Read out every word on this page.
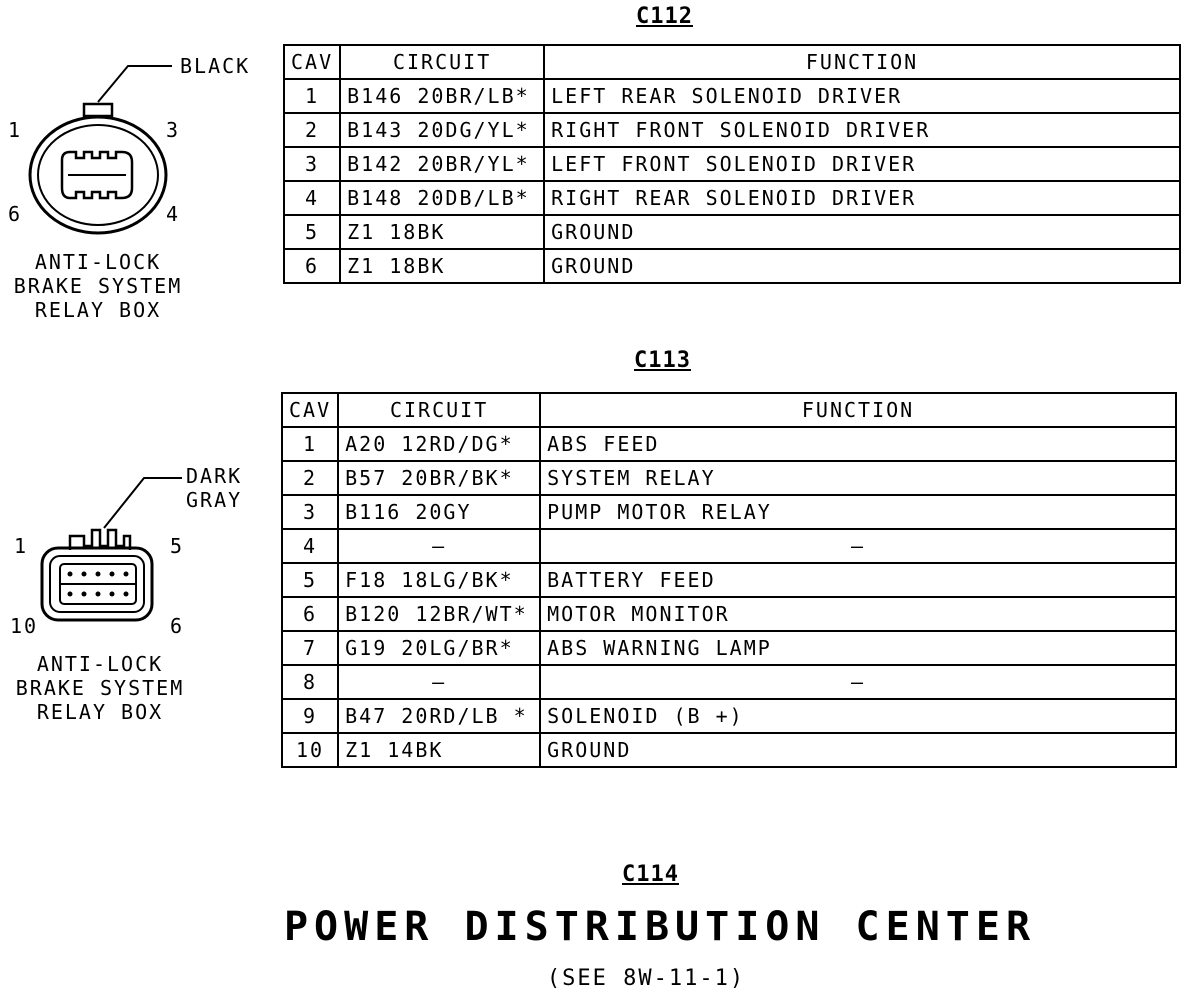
C112
BLACK
1	3
6	4
ANTI-LOCK
BRAKE SYSTEM
RELAY BOX
CAV	CIRCUIT	FUNCTION
1	B146 20BR/LB*	LEFT REAR SOLENOID DRIVER
2	B143 20DG/YL*	RIGHT FRONT SOLENOID DRIVER
3	B142 20BR/YL*	LEFT FRONT SOLENOID DRIVER
4	B148 20DB/LB*	RIGHT REAR SOLENOID DRIVER
5	Z1 18BK	GROUND
6	Z1 18BK	GROUND
C113
DARK
GRAY
1	5
10	6
ANTI-LOCK
BRAKE SYSTEM
RELAY BOX
CAV	CIRCUIT	FUNCTION
1	A20 12RD/DG*	ABS FEED
2	B57 20BR/BK*	SYSTEM RELAY
3	B116 20GY	PUMP MOTOR RELAY
4	—	—
5	F18 18LG/BK*	BATTERY FEED
6	B120 12BR/WT*	MOTOR MONITOR
7	G19 20LG/BR*	ABS WARNING LAMP
8	—	—
9	B47 20RD/LB *	SOLENOID (B +)
10	Z1 14BK	GROUND
C114
POWER DISTRIBUTION CENTER
(SEE 8W-11-1)
